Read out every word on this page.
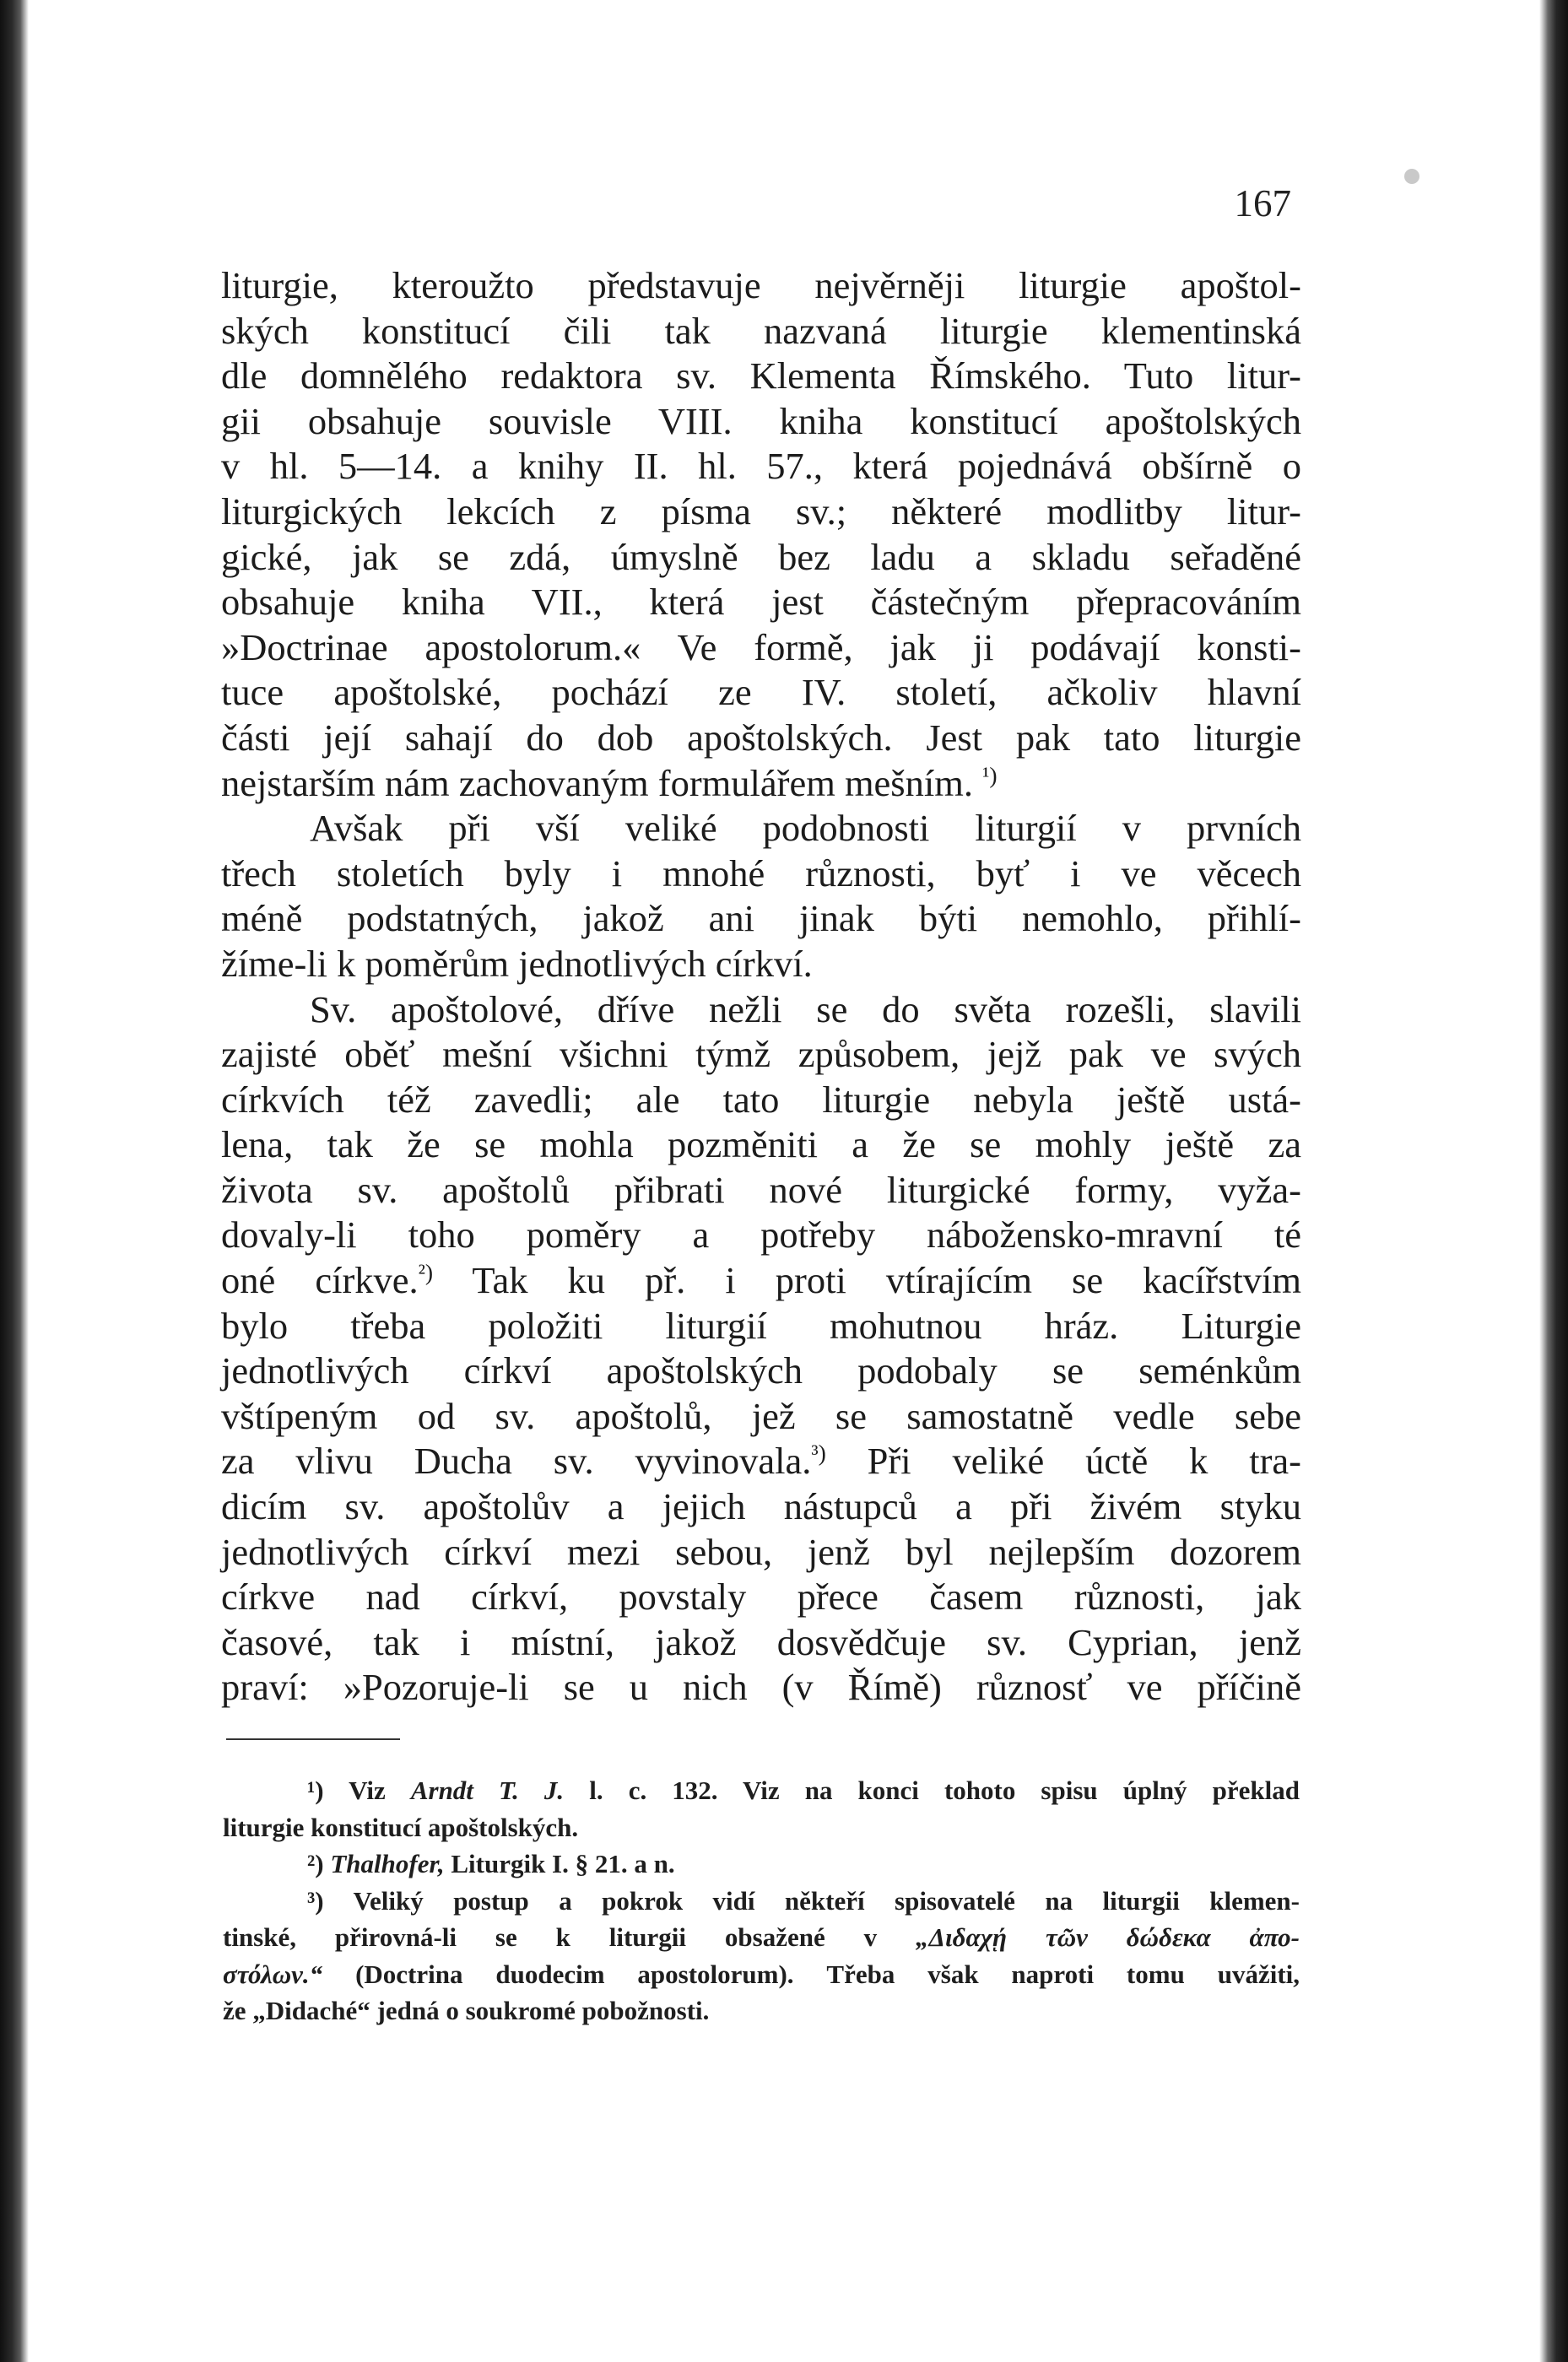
167
liturgie, kteroužto představuje nejvěrněji liturgie apoštol-
ských konstitucí čili tak nazvaná liturgie klementinská
dle domnělého redaktora sv. Klementa Římského. Tuto litur-
gii obsahuje souvisle VIII. kniha konstitucí apoštolských
v hl. 5—14. a knihy II. hl. 57., která pojednává obšírně o
liturgických lekcích z písma sv.; některé modlitby litur-
gické, jak se zdá, úmyslně bez ladu a skladu seřaděné
obsahuje kniha VII., která jest částečným přepracováním
»Doctrinae apostolorum.« Ve formě, jak ji podávají konsti-
tuce apoštolské, pochází ze IV. století, ačkoliv hlavní
části její sahají do dob apoštolských. Jest pak tato liturgie
nejstarším nám zachovaným formulářem mešním. $^{^1)}$
Avšak při vší veliké podobnosti liturgií v prvních
třech stoletích byly i mnohé různosti, byť i ve věcech
méně podstatných, jakož ani jinak býti nemohlo, přihlí-
žíme-li k poměrům jednotlivých církví.
Sv. apoštolové, dříve nežli se do světa rozešli, slavili
zajisté oběť mešní všichni týmž způsobem, jejž pak ve svých
církvích též zavedli; ale tato liturgie nebyla ještě ustá-
lena, tak že se mohla pozměniti a že se mohly ještě za
života sv. apoštolů přibrati nové liturgické formy, vyža-
dovaly-li toho poměry a potřeby nábožensko-mravní té
oné církve.$^{^2)}$ Tak ku př. i proti vtírajícím se kacířstvím
bylo třeba položiti liturgií mohutnou hráz. Liturgie
jednotlivých církví apoštolských podobaly se seménkům
vštípeným od sv. apoštolů, jež se samostatně vedle sebe
za vlivu Ducha sv. vyvinovala.$^{^3)}$ Při veliké úctě k tra-
dicím sv. apoštolův a jejich nástupců a při živém styku
jednotlivých církví mezi sebou, jenž byl nejlepším dozorem
církve nad církví, povstaly přece časem různosti, jak
časové, tak i místní, jakož dosvědčuje sv. Cyprian, jenž
praví: »Pozoruje-li se u nich (v Římě) různosť ve příčině
¹) Viz Arndt T. J. l. c. 132. Viz na konci tohoto spisu úplný překlad
liturgie konstitucí apoštolských.
²) Thalhofer, Liturgik I. § 21. a n.
³) Veliký postup a pokrok vidí někteří spisovatelé na liturgii klemen-
tinské, přirovná-li se k liturgii obsažené v „Διδαχῄ τῶν δώδεκα ἀπο-
στόλων.“ (Doctrina duodecim apostolorum). Třeba však naproti tomu uvážiti,
že „Didaché“ jedná o soukromé pobožnosti.
